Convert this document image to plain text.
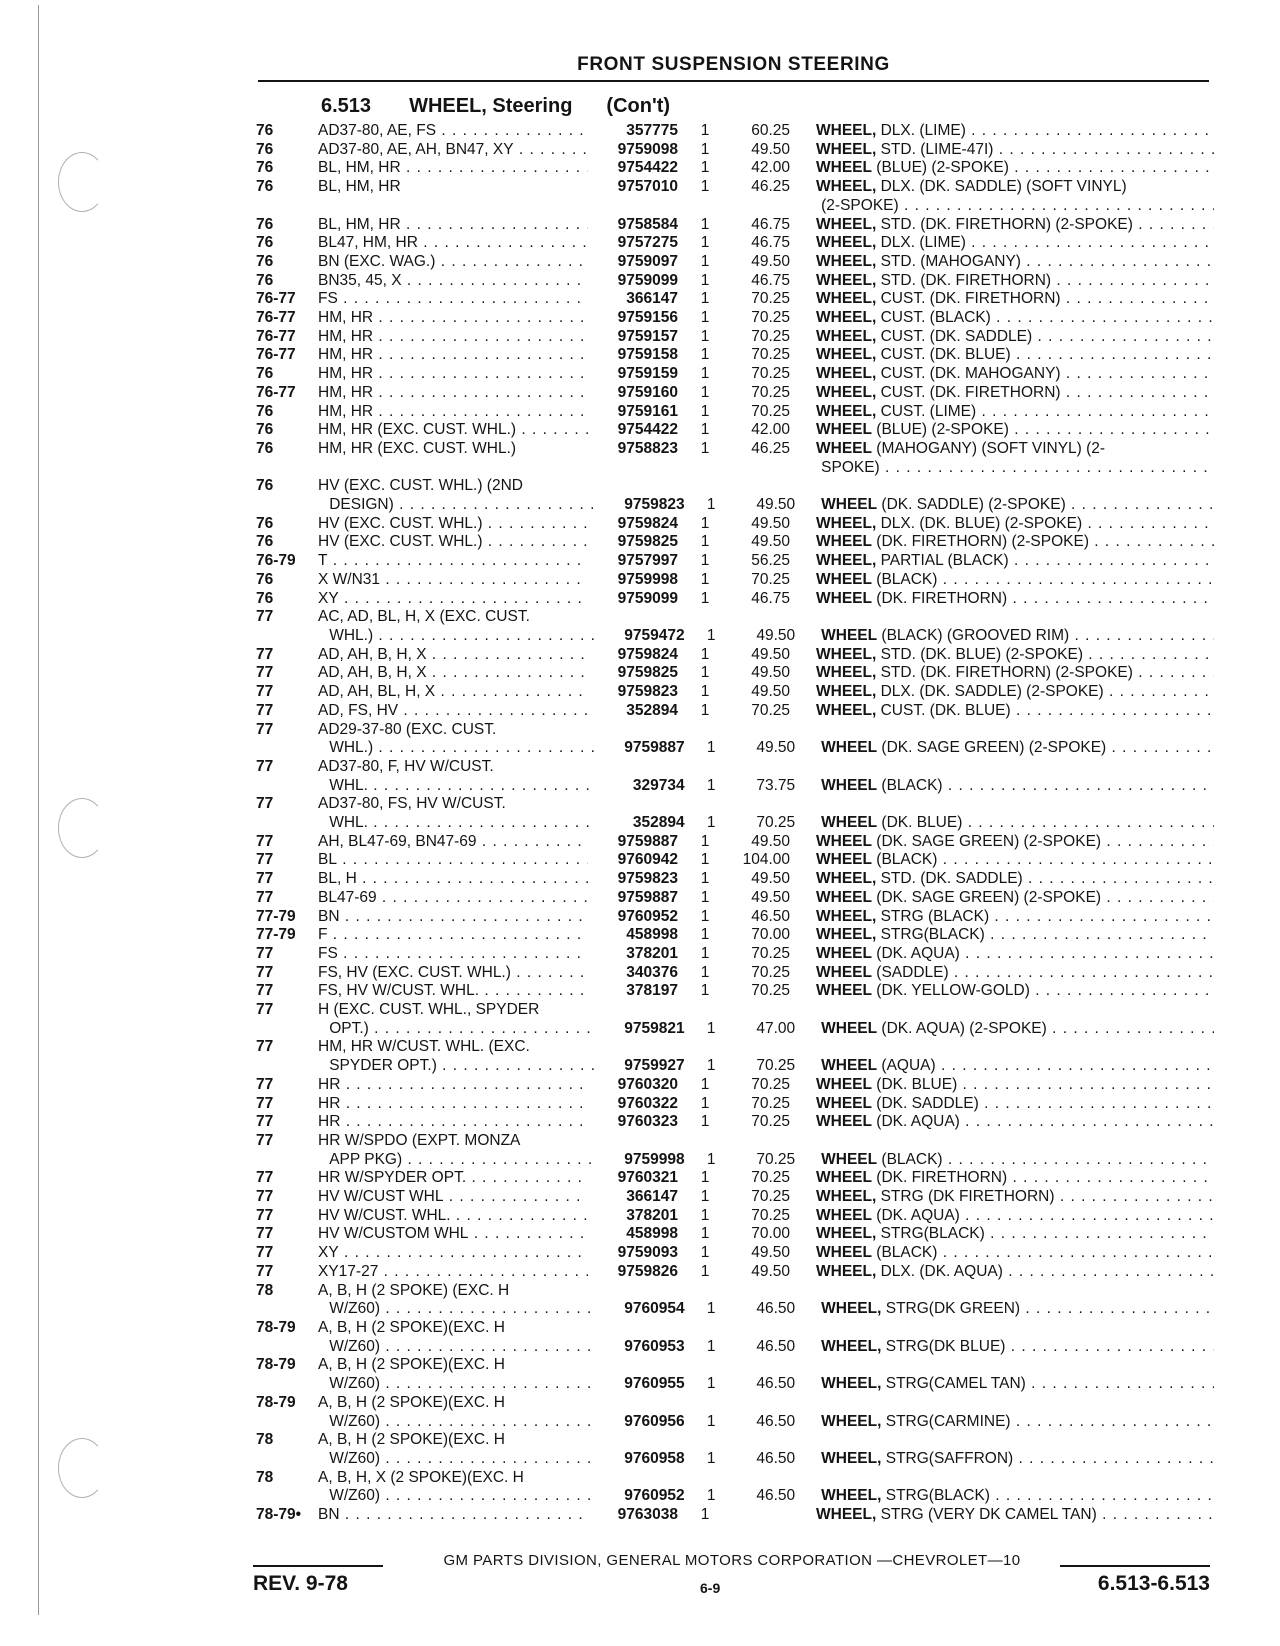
FRONT SUSPENSION STEERING
6.513 WHEEL, Steering (Con't)
76	AD37-80, AE, FS . . .	357775	1	60.25	WHEEL, DLX. (LIME) . . .
76	AD37-80, AE, AH, BN47, XY . . .	9759098	1	49.50	WHEEL, STD. (LIME-47I) . . .
76	BL, HM, HR . . .	9754422	1	42.00	WHEEL (BLUE) (2-SPOKE) . . .
76	BL, HM, HR	9757010	1	46.25	WHEEL, DLX. (DK. SADDLE) (SOFT VINYL)
(2-SPOKE) . . .
76	BL, HM, HR . . .	9758584	1	46.75	WHEEL, STD. (DK. FIRETHORN) (2-SPOKE) . . .
76	BL47, HM, HR . . .	9757275	1	46.75	WHEEL, DLX. (LIME) . . .
76	BN (EXC. WAG.) . . .	9759097	1	49.50	WHEEL, STD. (MAHOGANY) . . .
76	BN35, 45, X . . .	9759099	1	46.75	WHEEL, STD. (DK. FIRETHORN) . . .
76-77	FS . . .	366147	1	70.25	WHEEL, CUST. (DK. FIRETHORN) . . .
76-77	HM, HR . . .	9759156	1	70.25	WHEEL, CUST. (BLACK) . . .
76-77	HM, HR . . .	9759157	1	70.25	WHEEL, CUST. (DK. SADDLE) . . .
76-77	HM, HR . . .	9759158	1	70.25	WHEEL, CUST. (DK. BLUE) . . .
76	HM, HR . . .	9759159	1	70.25	WHEEL, CUST. (DK. MAHOGANY) . . .
76-77	HM, HR . . .	9759160	1	70.25	WHEEL, CUST. (DK. FIRETHORN) . . .
76	HM, HR . . .	9759161	1	70.25	WHEEL, CUST. (LIME) . . .
76	HM, HR (EXC. CUST. WHL.) . . .	9754422	1	42.00	WHEEL (BLUE) (2-SPOKE) . . .
76	HM, HR (EXC. CUST. WHL.)	9758823	1	46.25	WHEEL (MAHOGANY) (SOFT VINYL) (2-
SPOKE) . . .
76	HV (EXC. CUST. WHL.) (2ND
DESIGN) . . .	9759823	1	49.50	WHEEL (DK. SADDLE) (2-SPOKE) . . .
76	HV (EXC. CUST. WHL.) . . .	9759824	1	49.50	WHEEL, DLX. (DK. BLUE) (2-SPOKE) . . .
76	HV (EXC. CUST. WHL.) . . .	9759825	1	49.50	WHEEL (DK. FIRETHORN) (2-SPOKE) . . .
76-79	T . . .	9757997	1	56.25	WHEEL, PARTIAL (BLACK) . . .
76	X W/N31 . . .	9759998	1	70.25	WHEEL (BLACK) . . .
76	XY . . .	9759099	1	46.75	WHEEL (DK. FIRETHORN) . . .
77	AC, AD, BL, H, X (EXC. CUST.
WHL.) . . .	9759472	1	49.50	WHEEL (BLACK) (GROOVED RIM) . . .
77	AD, AH, B, H, X . . .	9759824	1	49.50	WHEEL, STD. (DK. BLUE) (2-SPOKE) . . .
77	AD, AH, B, H, X . . .	9759825	1	49.50	WHEEL, STD. (DK. FIRETHORN) (2-SPOKE) . . .
77	AD, AH, BL, H, X . . .	9759823	1	49.50	WHEEL, DLX. (DK. SADDLE) (2-SPOKE) . . .
77	AD, FS, HV . . .	352894	1	70.25	WHEEL, CUST. (DK. BLUE) . . .
77	AD29-37-80 (EXC. CUST.
WHL.) . . .	9759887	1	49.50	WHEEL (DK. SAGE GREEN) (2-SPOKE) . . .
77	AD37-80, F, HV W/CUST.
WHL. . . .	329734	1	73.75	WHEEL (BLACK) . . .
77	AD37-80, FS, HV W/CUST.
WHL. . . .	352894	1	70.25	WHEEL (DK. BLUE) . . .
77	AH, BL47-69, BN47-69 . . .	9759887	1	49.50	WHEEL (DK. SAGE GREEN) (2-SPOKE) . . .
77	BL . . .	9760942	1	104.00	WHEEL (BLACK) . . .
77	BL, H . . .	9759823	1	49.50	WHEEL, STD. (DK. SADDLE) . . .
77	BL47-69 . . .	9759887	1	49.50	WHEEL (DK. SAGE GREEN) (2-SPOKE) . . .
77-79	BN . . .	9760952	1	46.50	WHEEL, STRG (BLACK) . . .
77-79	F . . .	458998	1	70.00	WHEEL, STRG(BLACK) . . .
77	FS . . .	378201	1	70.25	WHEEL (DK. AQUA) . . .
77	FS, HV (EXC. CUST. WHL.) . . .	340376	1	70.25	WHEEL (SADDLE) . . .
77	FS, HV W/CUST. WHL. . . .	378197	1	70.25	WHEEL (DK. YELLOW-GOLD) . . .
77	H (EXC. CUST. WHL., SPYDER
OPT.) . . .	9759821	1	47.00	WHEEL (DK. AQUA) (2-SPOKE) . . .
77	HM, HR W/CUST. WHL. (EXC.
SPYDER OPT.) . . .	9759927	1	70.25	WHEEL (AQUA) . . .
77	HR . . .	9760320	1	70.25	WHEEL (DK. BLUE) . . .
77	HR . . .	9760322	1	70.25	WHEEL (DK. SADDLE) . . .
77	HR . . .	9760323	1	70.25	WHEEL (DK. AQUA) . . .
77	HR W/SPDO (EXPT. MONZA
APP PKG) . . .	9759998	1	70.25	WHEEL (BLACK) . . .
77	HR W/SPYDER OPT. . . .	9760321	1	70.25	WHEEL (DK. FIRETHORN) . . .
77	HV W/CUST WHL . . .	366147	1	70.25	WHEEL, STRG (DK FIRETHORN) . . .
77	HV W/CUST. WHL. . . .	378201	1	70.25	WHEEL (DK. AQUA) . . .
77	HV W/CUSTOM WHL . . .	458998	1	70.00	WHEEL, STRG(BLACK) . . .
77	XY . . .	9759093	1	49.50	WHEEL (BLACK) . . .
77	XY17-27 . . .	9759826	1	49.50	WHEEL, DLX. (DK. AQUA) . . .
78	A, B, H (2 SPOKE) (EXC. H
W/Z60) . . .	9760954	1	46.50	WHEEL, STRG(DK GREEN) . . .
78-79	A, B, H (2 SPOKE)(EXC. H
W/Z60) . . .	9760953	1	46.50	WHEEL, STRG(DK BLUE) . . .
78-79	A, B, H (2 SPOKE)(EXC. H
W/Z60) . . .	9760955	1	46.50	WHEEL, STRG(CAMEL TAN) . . .
78-79	A, B, H (2 SPOKE)(EXC. H
W/Z60) . . .	9760956	1	46.50	WHEEL, STRG(CARMINE) . . .
78	A, B, H (2 SPOKE)(EXC. H
W/Z60) . . .	9760958	1	46.50	WHEEL, STRG(SAFFRON) . . .
78	A, B, H, X (2 SPOKE)(EXC. H
W/Z60) . . .	9760952	1	46.50	WHEEL, STRG(BLACK) . . .
78-79•	BN . . .	9763038	1	WHEEL, STRG (VERY DK CAMEL TAN) . . .
GM PARTS DIVISION, GENERAL MOTORS CORPORATION —CHEVROLET—10
REV. 9-78	6-9	6.513-6.513
